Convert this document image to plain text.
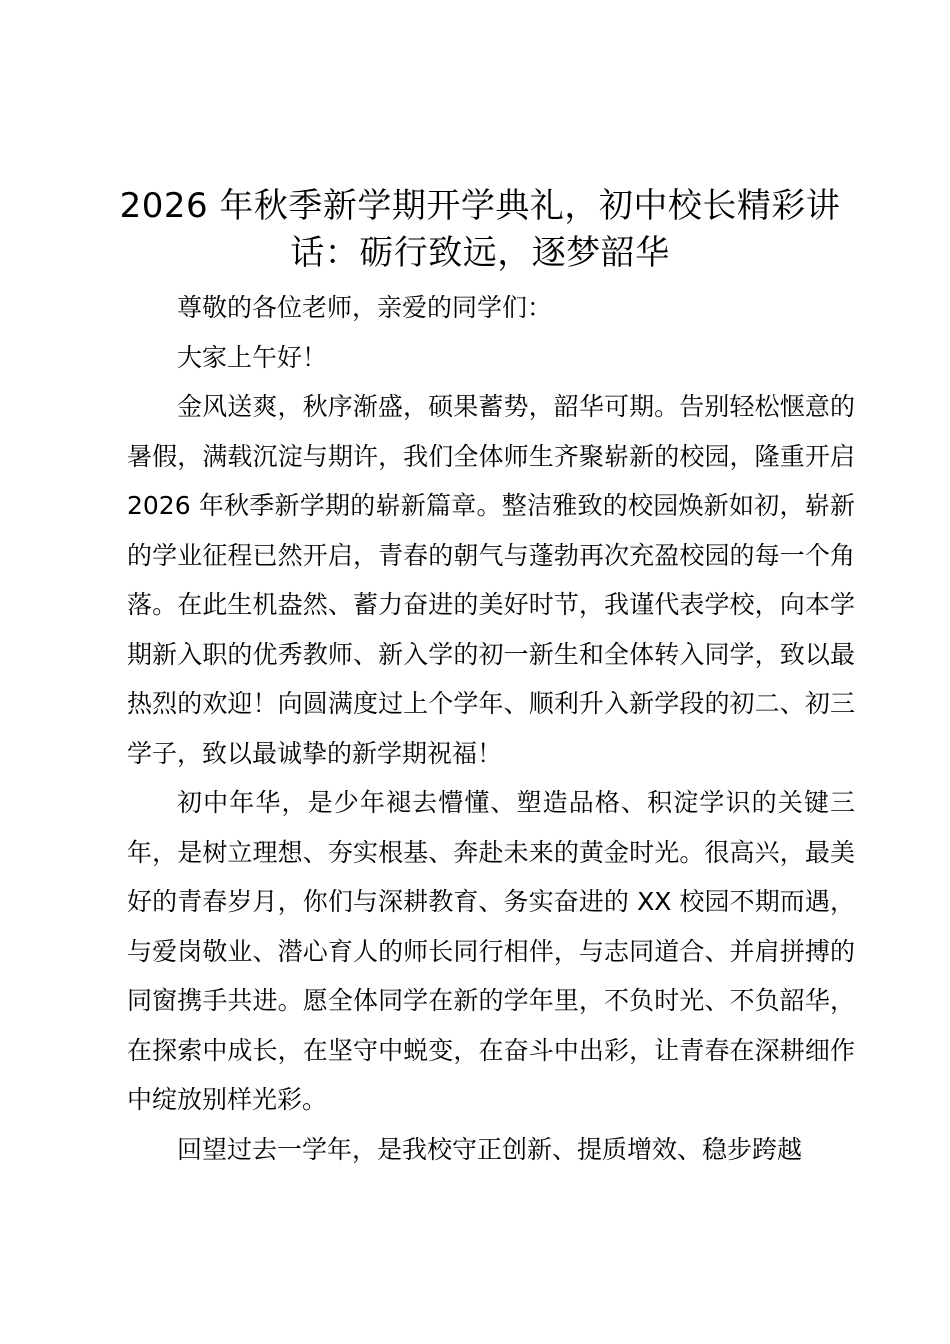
2026 年秋季新学期开学典礼，初中校长精彩讲话：砺行致远，逐梦韶华

尊敬的各位老师，亲爱的同学们：

大家上午好！

金风送爽，秋序渐盛，硕果蓄势，韶华可期。告别轻松惬意的暑假，满载沉淀与期许，我们全体师生齐聚崭新的校园，隆重开启 2026 年秋季新学期的崭新篇章。整洁雅致的校园焕新如初，崭新的学业征程已然开启，青春的朝气与蓬勃再次充盈校园的每一个角落。在此生机盎然、蓄力奋进的美好时节，我谨代表学校，向本学期新入职的优秀教师、新入学的初一新生和全体转入同学，致以最热烈的欢迎！向圆满度过上个学年、顺利升入新学段的初二、初三学子，致以最诚挚的新学期祝福！

初中年华，是少年褪去懵懂、塑造品格、积淀学识的关键三年，是树立理想、夯实根基、奔赴未来的黄金时光。很高兴，最美好的青春岁月，你们与深耕教育、务实奋进的 XX 校园不期而遇，与爱岗敬业、潜心育人的师长同行相伴，与志同道合、并肩拼搏的同窗携手共进。愿全体同学在新的学年里，不负时光、不负韶华，在探索中成长，在坚守中蜕变，在奋斗中出彩，让青春在深耕细作中绽放别样光彩。

回望过去一学年，是我校守正创新、提质增效、稳步跨越
